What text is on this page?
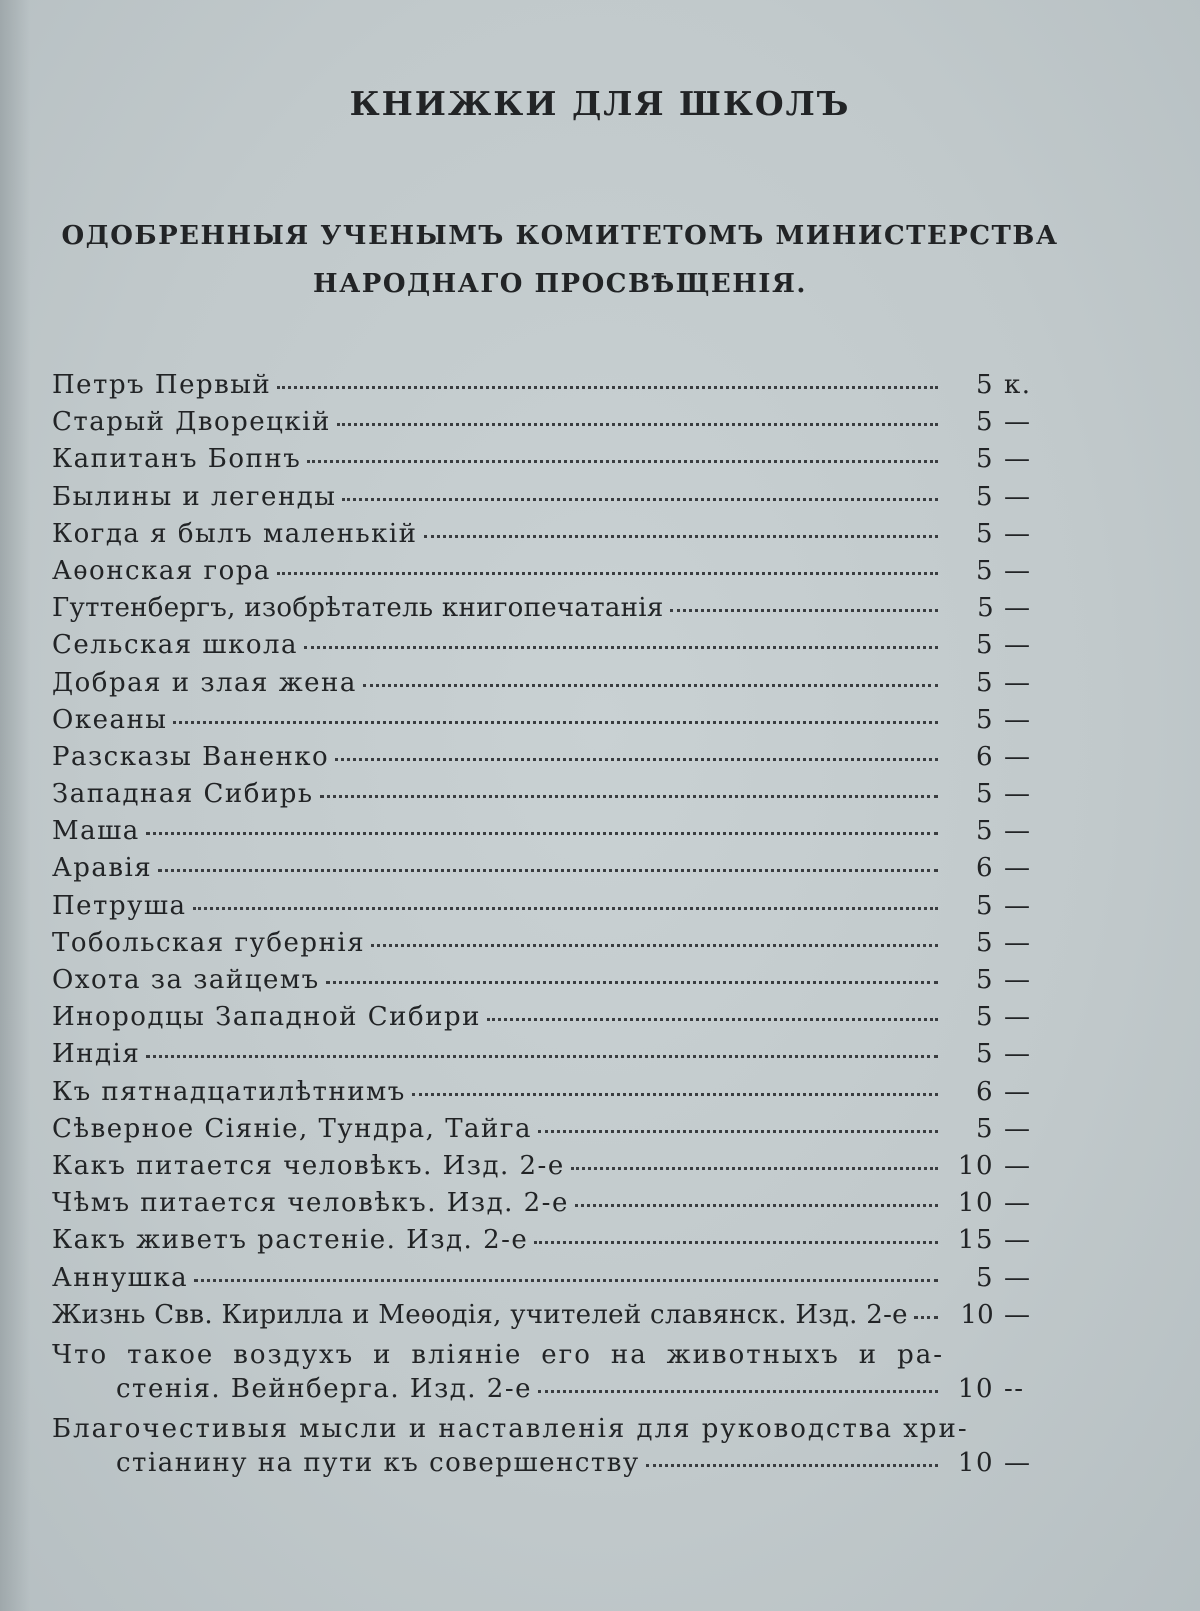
КНИЖКИ ДЛЯ ШКОЛЪ
ОДОБРЕННЫЯ УЧЕНЫМЪ КОМИТЕТОМЪ МИНИСТЕРСТВА
НАРОДНАГО ПРОСВѢЩЕНІЯ.
Петръ Первый	5 к.
Старый Дворецкій	5 —
Капитанъ Бопнъ	5 —
Былины и легенды	5 —
Когда я былъ маленькій	5 —
Аѳонская гора	5 —
Гуттенбергъ, изобрѣтатель книгопечатанія	5 —
Сельская школа	5 —
Добрая и злая жена	5 —
Океаны	5 —
Разсказы Ваненко	6 —
Западная Сибирь	5 —
Маша	5 —
Аравія	6 —
Петруша	5 —
Тобольская губернія	5 —
Охота за зайцемъ	5 —
Инородцы Западной Сибири	5 —
Индія	5 —
Къ пятнадцатилѣтнимъ	6 —
Сѣверное Сіяніе, Тундра, Тайга	5 —
Какъ питается человѣкъ. Изд. 2-е	10 —
Чѣмъ питается человѣкъ. Изд. 2-е	10 —
Какъ живетъ растеніе. Изд. 2-е	15 —
Аннушка	5 —
Жизнь Свв. Кирилла и Меѳодія, учителей славянск. Изд. 2-е	10 —
Что такое воздухъ и вліяніе его на животныхъ и ра-
стенія. Вейнберга. Изд. 2-е	10 --
Благочестивыя мысли и наставленія для руководства хри-
стіанину на пути къ совершенству	10 —
